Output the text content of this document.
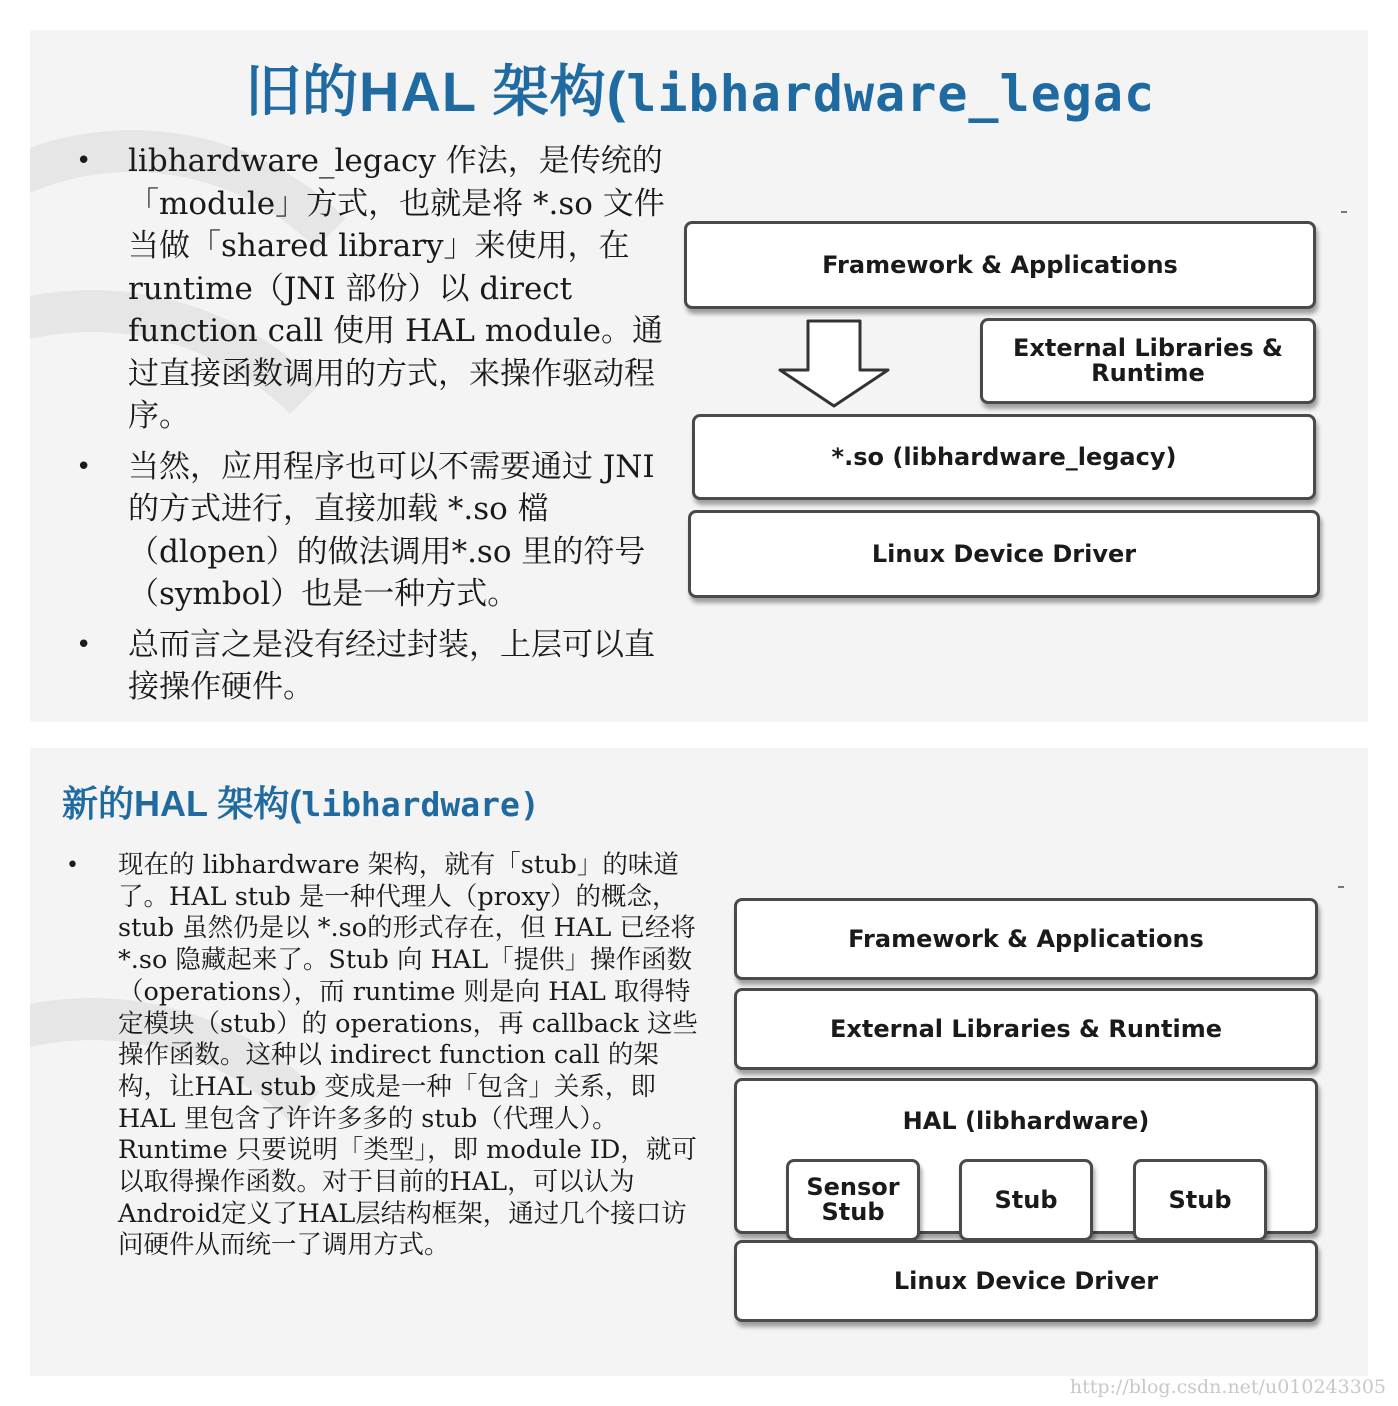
旧的HAL 架构(libhardware_legac
• libhardware_legacy 作法，是传统的「module」方式，也就是将 *.so 文件当做「shared library」来使用，在runtime（JNI 部份）以 direct function call 使用 HAL module。通过直接函数调用的方式，来操作驱动程序。
• 当然，应用程序也可以不需要通过 JNI 的方式进行，直接加载 *.so 檔（dlopen）的做法调用*.so 里的符号（symbol）也是一种方式。
• 总而言之是没有经过封装，上层可以直接操作硬件。
Framework & Applications
External Libraries &
Runtime
*.so (libhardware_legacy)
Linux Device Driver
新的HAL 架构(libhardware)
• 现在的 libhardware 架构，就有「stub」的味道了。HAL stub 是一种代理人（proxy）的概念，stub 虽然仍是以 *.so的形式存在，但 HAL 已经将 *.so 隐藏起来了。Stub 向 HAL「提供」操作函数（operations），而 runtime 则是向 HAL 取得特定模块（stub）的 operations，再 callback 这些操作函数。这种以 indirect function call 的架构，让HAL stub 变成是一种「包含」关系，即 HAL 里包含了许许多多的 stub（代理人）。Runtime 只要说明「类型」，即 module ID，就可以取得操作函数。对于目前的HAL，可以认为Android定义了HAL层结构框架，通过几个接口访问硬件从而统一了调用方式。
Framework & Applications
External Libraries & Runtime
HAL (libhardware)
Sensor
Stub	Stub	Stub
Linux Device Driver
http://blog.csdn.net/u010243305
